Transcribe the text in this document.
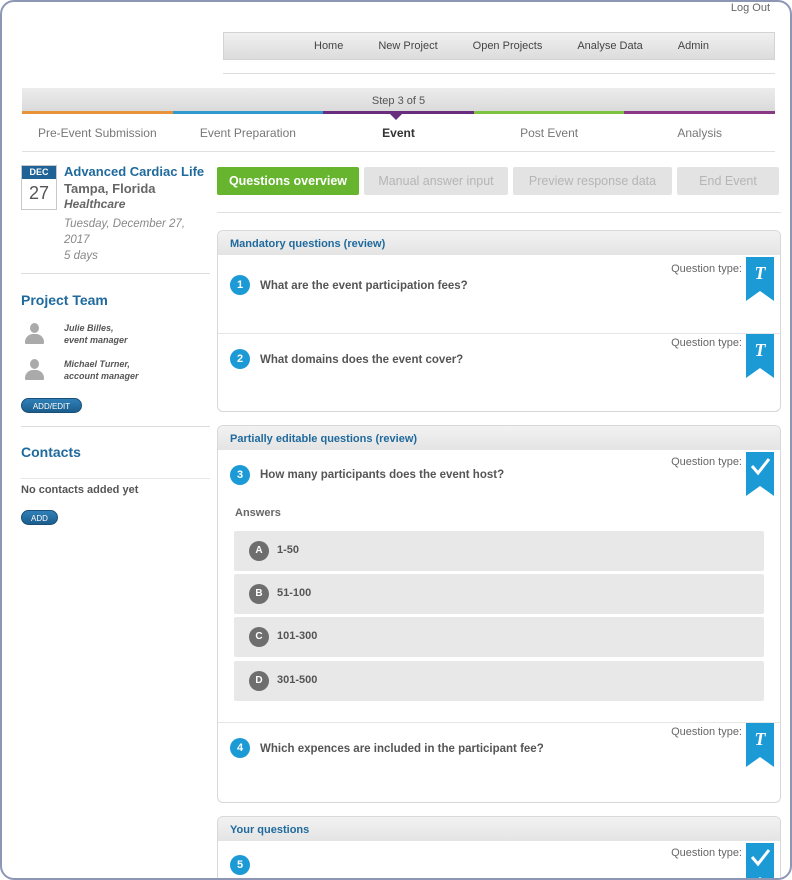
Log Out
Home	New Project	Open Projects	Analyse Data	Admin
Step 3 of 5
Pre-Event Submission	Event Preparation	Event	Post Event	Analysis
DEC
27
Advanced Cardiac Life
Tampa, Florida
Healthcare
Tuesday, December 27,
2017
5 days
Project Team
Julie Billes,
event manager
Michael Turner,
account manager
ADD/EDIT
Contacts
No contacts added yet
ADD
Questions overview	Manual answer input	Preview response data	End Event
Mandatory questions (review)
1	What are the event participation fees?
Question type: T
2	What domains does the event cover?
Question type: T
Partially editable questions (review)
3	How many participants does the event host?
Question type:
Answers
A	1-50
B	51-100
C	101-300
D	301-500
4	Which expences are included in the participant fee?
Question type: T
Your questions
5
Question type:
